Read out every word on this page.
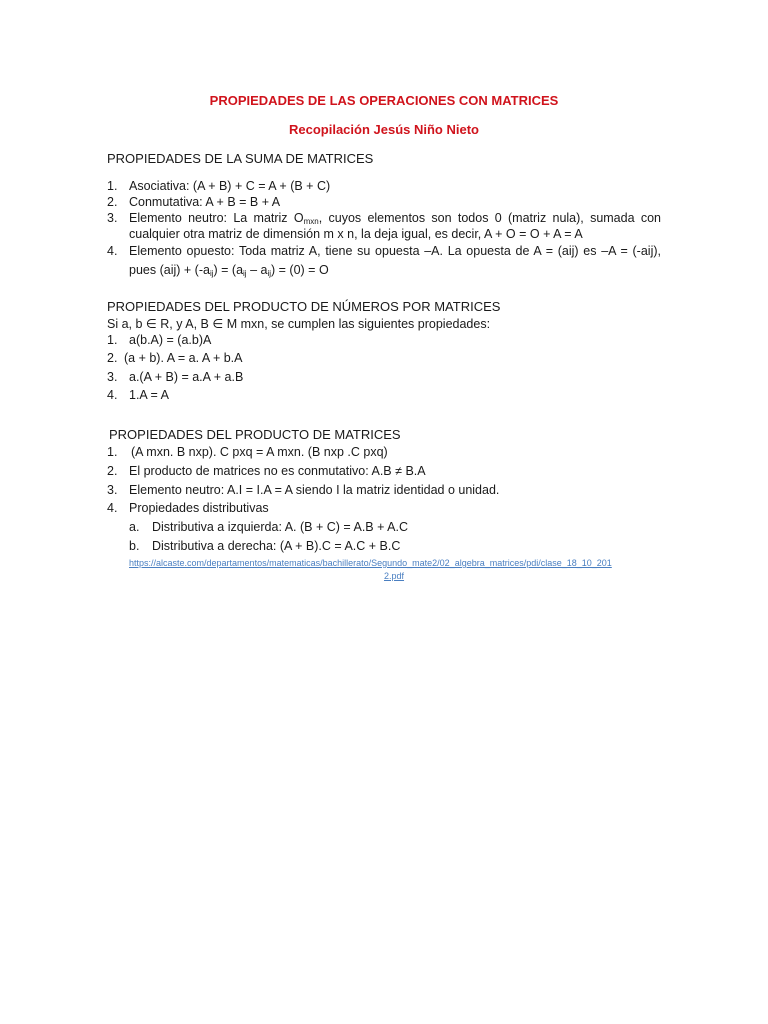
PROPIEDADES DE LAS OPERACIONES CON MATRICES
Recopilación Jesús Niño Nieto
PROPIEDADES DE LA SUMA DE MATRICES
1. Asociativa: (A + B) + C = A + (B + C)
2. Conmutativa: A + B = B + A
3. Elemento neutro: La matriz $O_{mxn}$, cuyos elementos son todos 0 (matriz nula), sumada con
cualquier otra matriz de dimensión m x n, la deja igual, es decir, A + O = O + A = A
4. Elemento opuesto: Toda matriz A, tiene su opuesta –A. La opuesta de A = (aij) es –A = (-aij),
pues $(aij) + (-a_{ij}) = (a_{ij} - a_{ij}) = (0) = O$
PROPIEDADES DEL PRODUCTO DE NÚMEROS POR MATRICES
Si a, b ∈ R, y A, B ∈ M mxn, se cumplen las siguientes propiedades:
1. a(b.A) = (a.b)A
2. (a + b). A = a. A + b.A
3. a.(A + B) = a.A + a.B
4. 1.A = A
PROPIEDADES DEL PRODUCTO DE MATRICES
1. (A mxn. B nxp). C pxq = A mxn. (B nxp .C pxq)
2. El producto de matrices no es conmutativo: A.B ≠ B.A
3. Elemento neutro: A.I = I.A = A siendo I la matriz identidad o unidad.
4. Propiedades distributivas
a. Distributiva a izquierda: A. (B + C) = A.B + A.C
b. Distributiva a derecha: (A + B).C = A.C + B.C
https://alcaste.com/departamentos/matematicas/bachillerato/Segundo_mate2/02_algebra_matrices/pdi/clase_18_10_201
2.pdf
